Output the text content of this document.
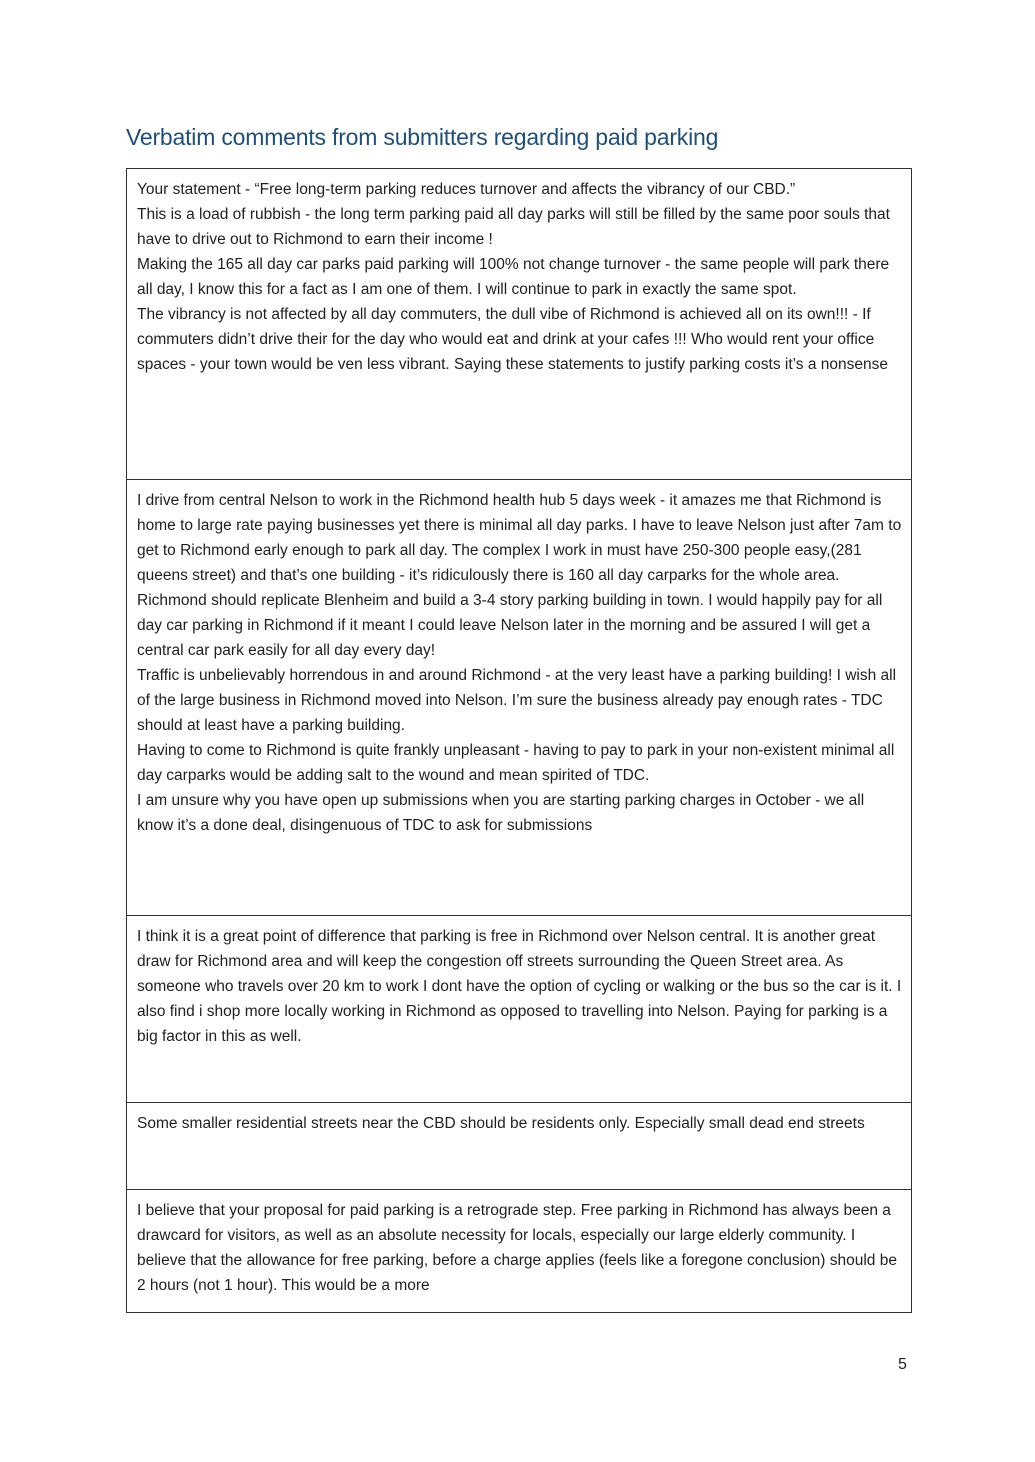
Verbatim comments from submitters regarding paid parking

Your statement - “Free long-term parking reduces turnover and affects the vibrancy of our CBD.”

This is a load of rubbish - the long term parking paid all day parks will still be filled by the same poor souls that have to drive out to Richmond to earn their income !

Making the 165 all day car parks paid parking will 100% not change turnover - the same people will park there all day, I know this for a fact as I am one of them. I will continue to park in exactly the same spot.

The vibrancy is not affected by all day commuters, the dull vibe of Richmond is achieved all on its own!!! - If commuters didn’t drive their for the day who would eat and drink at your cafes !!! Who would rent your office spaces - your town would be ven less vibrant. Saying these statements to justify parking costs it’s a nonsense

I drive from central Nelson to work in the Richmond health hub 5 days week - it amazes me that Richmond is home to large rate paying businesses yet there is minimal all day parks. I have to leave Nelson just after 7am to get to Richmond early enough to park all day. The complex I work in must have 250-300 people easy,(281 queens street) and that’s one building - it’s ridiculously there is 160 all day carparks for the whole area. Richmond should replicate Blenheim and build a 3-4 story parking building in town. I would happily pay for all day car parking in Richmond if it meant I could leave Nelson later in the morning and be assured I will get a central car park easily for all day every day!

Traffic is unbelievably horrendous in and around Richmond - at the very least have a parking building! I wish all of the large business in Richmond moved into Nelson. I’m sure the business already pay enough rates - TDC should at least have a parking building.

Having to come to Richmond is quite frankly unpleasant - having to pay to park in your non-existent minimal all day carparks would be adding salt to the wound and mean spirited of TDC.

I am unsure why you have open up submissions when you are starting parking charges in October - we all know it’s a done deal, disingenuous of TDC to ask for submissions

I think it is a great point of difference that parking is free in Richmond over Nelson central. It is another great draw for Richmond area and will keep the congestion off streets surrounding the Queen Street area. As someone who travels over 20 km to work I dont have the option of cycling or walking or the bus so the car is it. I also find i shop more locally working in Richmond as opposed to travelling into Nelson. Paying for parking is a big factor in this as well.

Some smaller residential streets near the CBD should be residents only. Especially small dead end streets

I believe that your proposal for paid parking is a retrograde step. Free parking in Richmond has always been a drawcard for visitors, as well as an absolute necessity for locals, especially our large elderly community. I believe that the allowance for free parking, before a charge applies (feels like a foregone conclusion) should be 2 hours (not 1 hour). This would be a more

5
